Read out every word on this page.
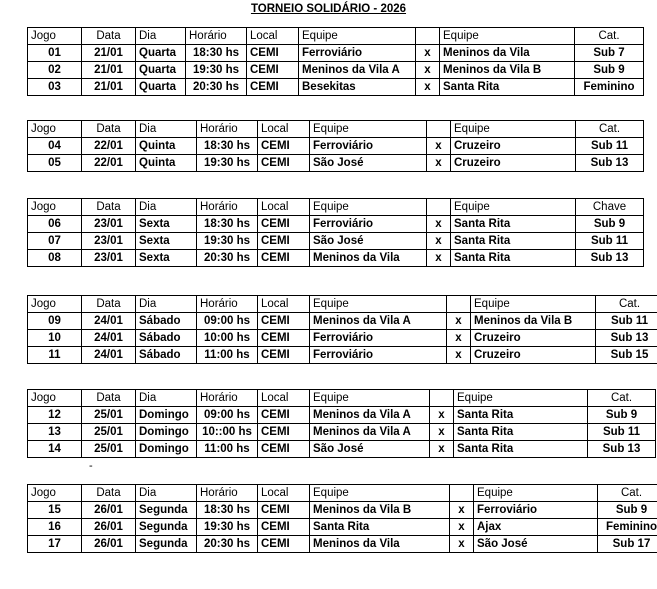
TORNEIO SOLIDÁRIO - 2026
Jogo	Data	Dia	Horário	Local	Equipe		Equipe	Cat.
01	21/01	Quarta	18:30 hs	CEMI	Ferroviário	x	Meninos da Vila	Sub 7
02	21/01	Quarta	19:30 hs	CEMI	Meninos da Vila A	x	Meninos da Vila B	Sub 9
03	21/01	Quarta	20:30 hs	CEMI	Besekitas	x	Santa Rita	Feminino
Jogo	Data	Dia	Horário	Local	Equipe		Equipe	Cat.
04	22/01	Quinta	18:30 hs	CEMI	Ferroviário	x	Cruzeiro	Sub 11
05	22/01	Quinta	19:30 hs	CEMI	São José	x	Cruzeiro	Sub 13
Jogo	Data	Dia	Horário	Local	Equipe		Equipe	Chave
06	23/01	Sexta	18:30 hs	CEMI	Ferroviário	x	Santa Rita	Sub 9
07	23/01	Sexta	19:30 hs	CEMI	São José	x	Santa Rita	Sub 11
08	23/01	Sexta	20:30 hs	CEMI	Meninos da Vila	x	Santa Rita	Sub 13
Jogo	Data	Dia	Horário	Local	Equipe		Equipe	Cat.
09	24/01	Sábado	09:00 hs	CEMI	Meninos da Vila A	x	Meninos da Vila B	Sub 11
10	24/01	Sábado	10:00 hs	CEMI	Ferroviário	x	Cruzeiro	Sub 13
11	24/01	Sábado	11:00 hs	CEMI	Ferroviário	x	Cruzeiro	Sub 15
Jogo	Data	Dia	Horário	Local	Equipe		Equipe	Cat.
12	25/01	Domingo	09:00 hs	CEMI	Meninos da Vila A	x	Santa Rita	Sub 9
13	25/01	Domingo	10::00 hs	CEMI	Meninos da Vila A	x	Santa Rita	Sub 11
14	25/01	Domingo	11:00 hs	CEMI	São José	x	Santa Rita	Sub 13
Jogo	Data	Dia	Horário	Local	Equipe		Equipe	Cat.
15	26/01	Segunda	18:30 hs	CEMI	Meninos da Vila B	x	Ferroviário	Sub 9
16	26/01	Segunda	19:30 hs	CEMI	Santa Rita	x	Ajax	Feminino
17	26/01	Segunda	20:30 hs	CEMI	Meninos da Vila	x	São José	Sub 17
-
